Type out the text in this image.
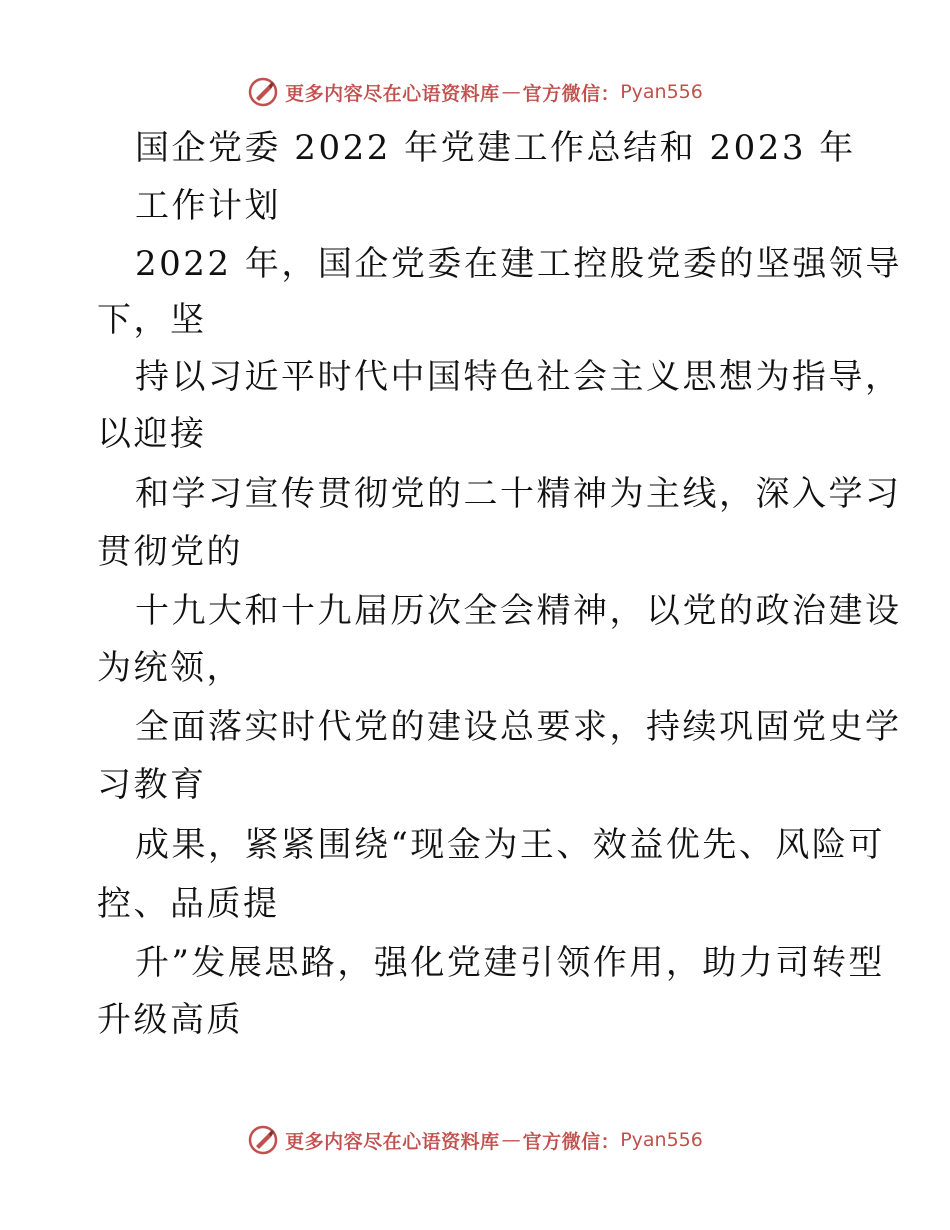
更多内容尽在心语资料库 — 官方微信： Pyan556
国企党委 2022 年党建工作总结和 2023 年
工作计划
2022 年，国企党委在建工控股党委的坚强领导
下，坚
持以习近平时代中国特色社会主义思想为指导，
以迎接
和学习宣传贯彻党的二十精神为主线，深入学习
贯彻党的
十九大和十九届历次全会精神，以党的政治建设
为统领，
全面落实时代党的建设总要求，持续巩固党史学
习教育
成果，紧紧围绕“现金为王、效益优先、风险可
控、品质提
升”发展思路，强化党建引领作用，助力司转型
升级高质
更多内容尽在心语资料库 — 官方微信： Pyan556
